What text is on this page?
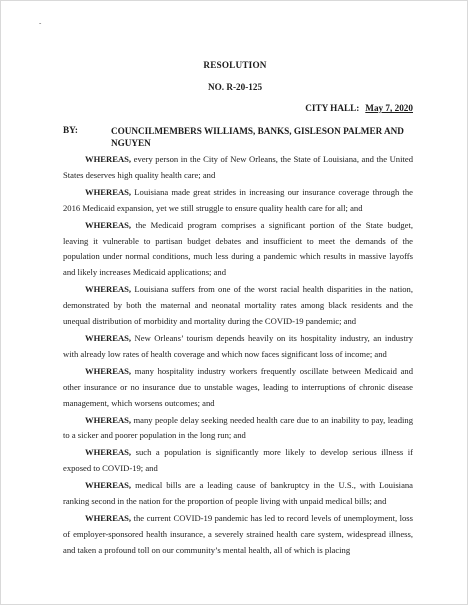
-
RESOLUTION
NO. R-20-125
CITY HALL: May 7, 2020
BY:	COUNCILMEMBERS WILLIAMS, BANKS, GISLESON PALMER AND NGUYEN

WHEREAS, every person in the City of New Orleans, the State of Louisiana, and the United States deserves high quality health care; and

WHEREAS, Louisiana made great strides in increasing our insurance coverage through the 2016 Medicaid expansion, yet we still struggle to ensure quality health care for all; and

WHEREAS, the Medicaid program comprises a significant portion of the State budget, leaving it vulnerable to partisan budget debates and insufficient to meet the demands of the population under normal conditions, much less during a pandemic which results in massive layoffs and likely increases Medicaid applications; and

WHEREAS, Louisiana suffers from one of the worst racial health disparities in the nation, demonstrated by both the maternal and neonatal mortality rates among black residents and the unequal distribution of morbidity and mortality during the COVID-19 pandemic; and

WHEREAS, New Orleans’ tourism depends heavily on its hospitality industry, an industry with already low rates of health coverage and which now faces significant loss of income; and

WHEREAS, many hospitality industry workers frequently oscillate between Medicaid and other insurance or no insurance due to unstable wages, leading to interruptions of chronic disease management, which worsens outcomes; and

WHEREAS, many people delay seeking needed health care due to an inability to pay, leading to a sicker and poorer population in the long run; and

WHEREAS, such a population is significantly more likely to develop serious illness if exposed to COVID-19; and

WHEREAS, medical bills are a leading cause of bankruptcy in the U.S., with Louisiana ranking second in the nation for the proportion of people living with unpaid medical bills; and

WHEREAS, the current COVID-19 pandemic has led to record levels of unemployment, loss of employer-sponsored health insurance, a severely strained health care system, widespread illness, and taken a profound toll on our community’s mental health, all of which is placing
